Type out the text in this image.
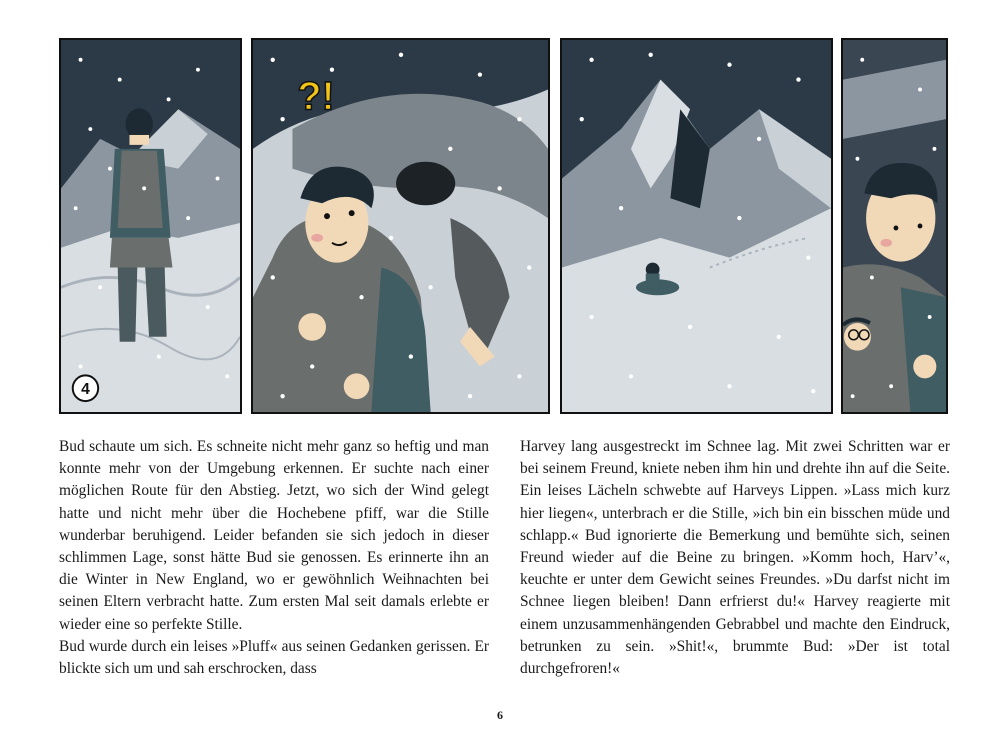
4
?!

Bud schaute um sich. Es schneite nicht mehr ganz so heftig und man konnte mehr von der Umgebung erkennen. Er suchte nach einer möglichen Route für den Abstieg. Jetzt, wo sich der Wind gelegt hatte und nicht mehr über die Hochebene pfiff, war die Stille wunderbar beruhigend. Leider befanden sie sich jedoch in dieser schlimmen Lage, sonst hätte Bud sie genossen. Es erinnerte ihn an die Winter in New England, wo er gewöhnlich Weihnachten bei seinen Eltern verbracht hatte. Zum ersten Mal seit damals erlebte er wieder eine so perfekte Stille.

Bud wurde durch ein leises »Pluff« aus seinen Gedanken gerissen. Er blickte sich um und sah erschrocken, dass

Harvey lang ausgestreckt im Schnee lag. Mit zwei Schritten war er bei seinem Freund, kniete neben ihm hin und drehte ihn auf die Seite. Ein leises Lächeln schwebte auf Harveys Lippen. »Lass mich kurz hier liegen«, unterbrach er die Stille, »ich bin ein bisschen müde und schlapp.« Bud ignorierte die Bemerkung und bemühte sich, seinen Freund wieder auf die Beine zu bringen. »Komm hoch, Harv’«, keuchte er unter dem Gewicht seines Freundes. »Du darfst nicht im Schnee liegen bleiben! Dann erfrierst du!« Harvey reagierte mit einem unzusammenhängenden Gebrabbel und machte den Eindruck, betrunken zu sein. »Shit!«, brummte Bud: »Der ist total durchgefroren!«

6
